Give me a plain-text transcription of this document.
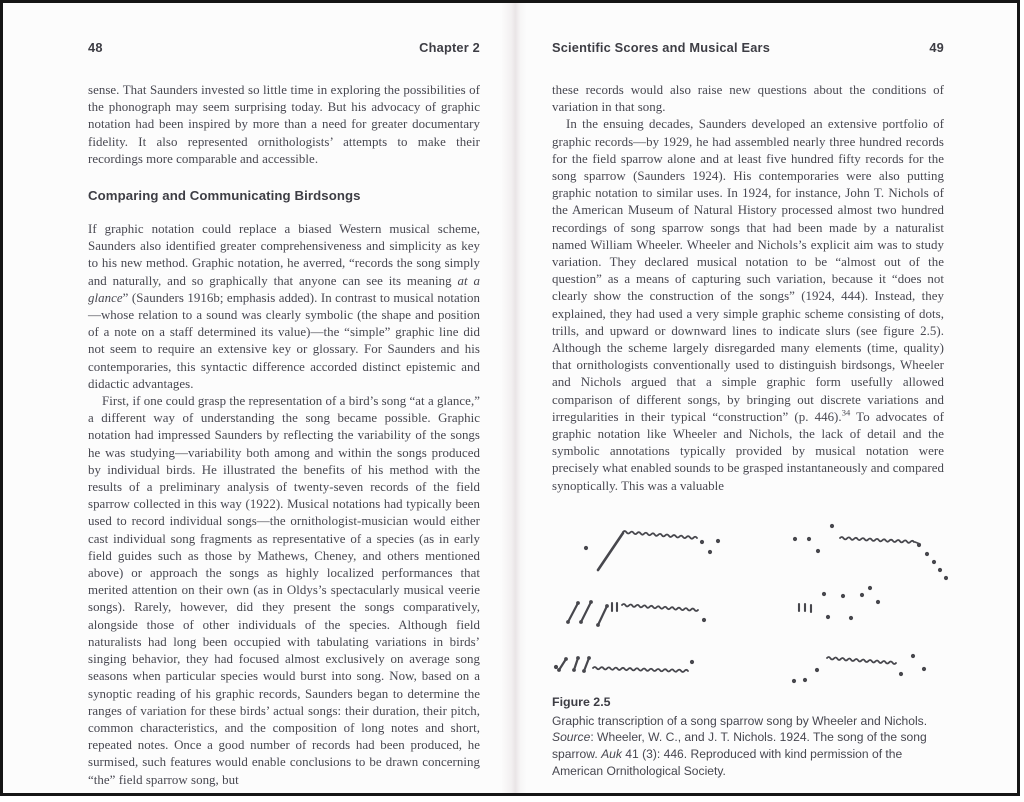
48	Chapter 2

sense. That Saunders invested so little time in exploring the possibilities of the phonograph may seem surprising today. But his advocacy of graphic notation had been inspired by more than a need for greater documentary fidelity. It also represented ornithologists’ attempts to make their recordings more comparable and accessible.

Comparing and Communicating Birdsongs

If graphic notation could replace a biased Western musical scheme, Saunders also identified greater comprehensiveness and simplicity as key to his new method. Graphic notation, he averred, “records the song simply and naturally, and so graphically that anyone can see its meaning at a glance” (Saunders 1916b; emphasis added). In contrast to musical notation—whose relation to a sound was clearly symbolic (the shape and position of a note on a staff determined its value)—the “simple” graphic line did not seem to require an extensive key or glossary. For Saunders and his contemporaries, this syntactic difference accorded distinct epistemic and didactic advantages.

First, if one could grasp the representation of a bird’s song “at a glance,” a different way of understanding the song became possible. Graphic notation had impressed Saunders by reflecting the variability of the songs he was studying—variability both among and within the songs produced by individual birds. He illustrated the benefits of his method with the results of a preliminary analysis of twenty-seven records of the field sparrow collected in this way (1922). Musical notations had typically been used to record individual songs—the ornithologist-musician would either cast individual song fragments as representative of a species (as in early field guides such as those by Mathews, Cheney, and others mentioned above) or approach the songs as highly localized performances that merited attention on their own (as in Oldys’s spectacularly musical veerie songs). Rarely, however, did they present the songs comparatively, alongside those of other individuals of the species. Although field naturalists had long been occupied with tabulating variations in birds’ singing behavior, they had focused almost exclusively on average song seasons when particular species would burst into song. Now, based on a synoptic reading of his graphic records, Saunders began to determine the ranges of variation for these birds’ actual songs: their duration, their pitch, common characteristics, and the composition of long notes and short, repeated notes. Once a good number of records had been produced, he surmised, such features would enable conclusions to be drawn concerning “the” field sparrow song, but

Scientific Scores and Musical Ears	49

these records would also raise new questions about the conditions of variation in that song.

In the ensuing decades, Saunders developed an extensive portfolio of graphic records—by 1929, he had assembled nearly three hundred records for the field sparrow alone and at least five hundred fifty records for the song sparrow (Saunders 1924). His contemporaries were also putting graphic notation to similar uses. In 1924, for instance, John T. Nichols of the American Museum of Natural History processed almost two hundred recordings of song sparrow songs that had been made by a naturalist named William Wheeler. Wheeler and Nichols’s explicit aim was to study variation. They declared musical notation to be “almost out of the question” as a means of capturing such variation, because it “does not clearly show the construction of the songs” (1924, 444). Instead, they explained, they had used a very simple graphic scheme consisting of dots, trills, and upward or downward lines to indicate slurs (see figure 2.5). Although the scheme largely disregarded many elements (time, quality) that ornithologists conventionally used to distinguish birdsongs, Wheeler and Nichols argued that a simple graphic form usefully allowed comparison of different songs, by bringing out discrete variations and irregularities in their typical “construction” (p. 446).$^{34}$ To advocates of graphic notation like Wheeler and Nichols, the lack of detail and the symbolic annotations typically provided by musical notation were precisely what enabled sounds to be grasped instantaneously and compared synoptically. This was a valuable

Figure 2.5
Graphic transcription of a song sparrow song by Wheeler and Nichols.
Source: Wheeler, W. C., and J. T. Nichols. 1924. The song of the song sparrow. Auk 41 (3): 446. Reproduced with kind permission of the American Ornithological Society.
